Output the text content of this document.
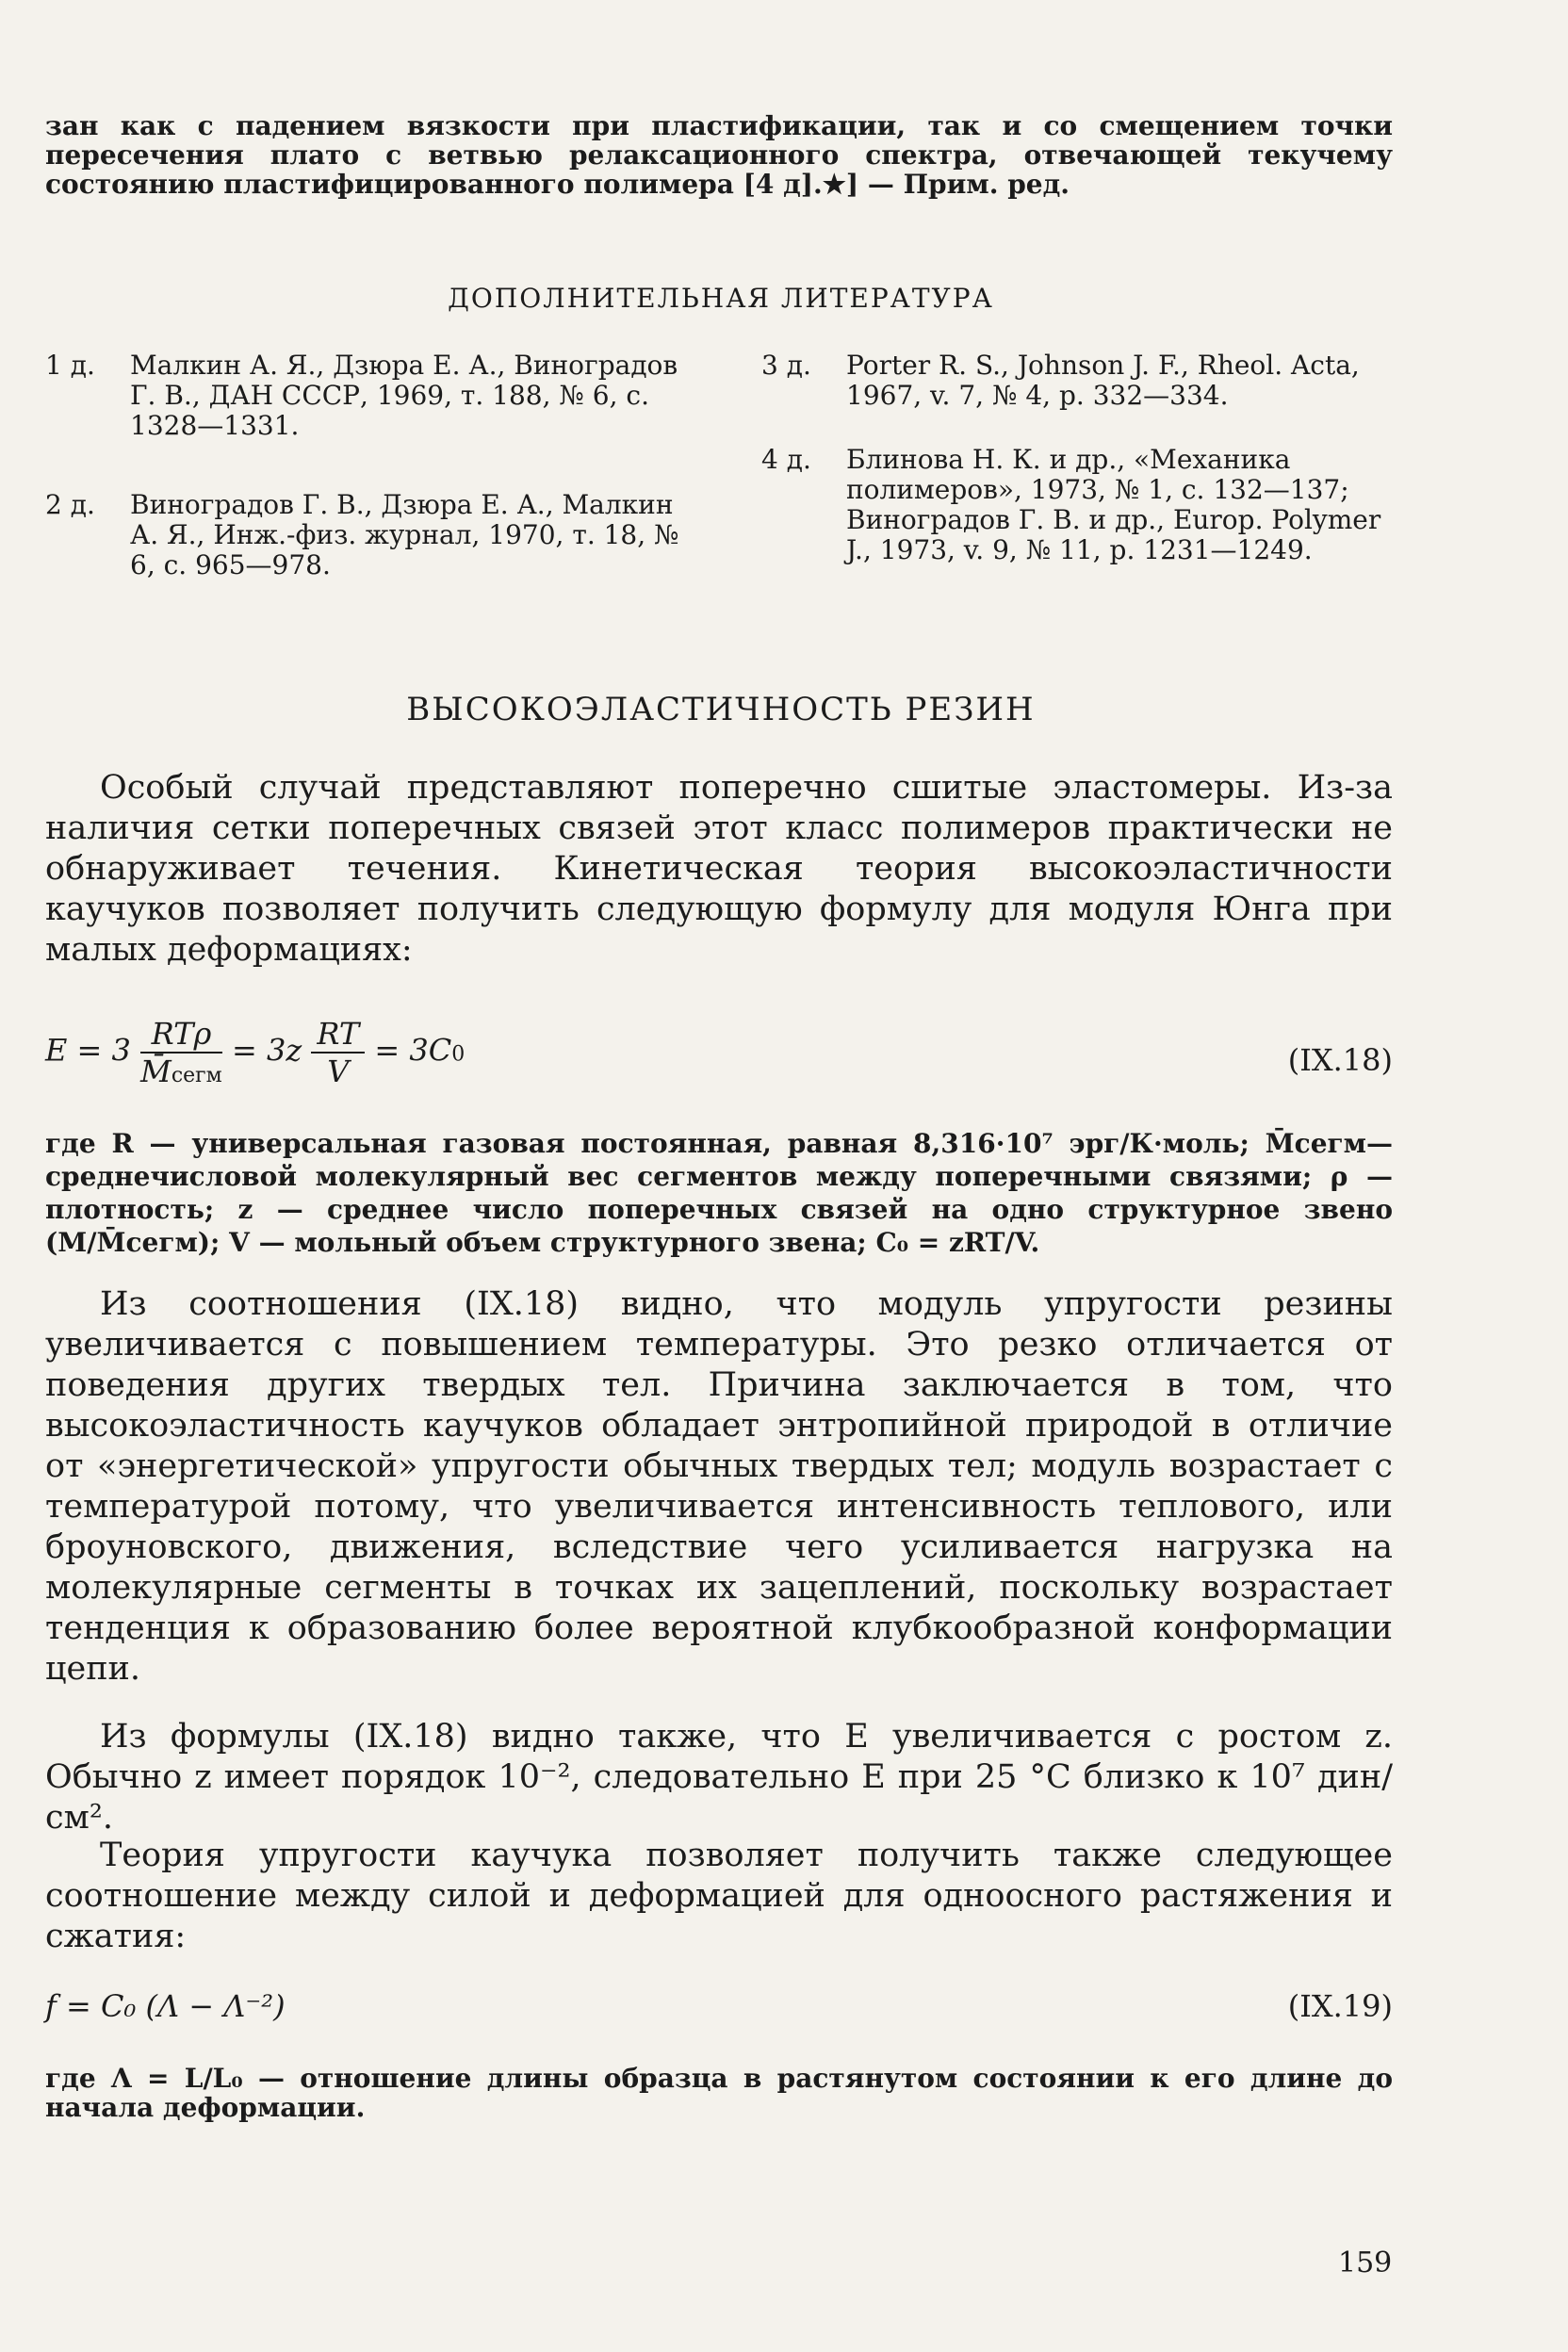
зан как с падением вязкости при пластификации, так и со смещением точки пересечения плато с ветвью релаксационного спектра, отвечающей текучему состоянию пластифицированного полимера [4 д].★] — Прим. ред.
ДОПОЛНИТЕЛЬНАЯ ЛИТЕРАТУРА
1 д.	Малкин А. Я., Дзюра Е. А., Виноградов Г. В., ДАН СССР, 1969, т. 188, № 6, с. 1328—1331.
2 д.	Виноградов Г. В., Дзюра Е. А., Малкин А. Я., Инж.-физ. журнал, 1970, т. 18, № 6, с. 965—978.
3 д.	Porter R. S., Johnson J. F., Rheol. Acta, 1967, v. 7, № 4, p. 332—334.
4 д.	Блинова Н. К. и др., «Механика полимеров», 1973, № 1, с. 132—137; Виноградов Г. В. и др., Europ. Polymer J., 1973, v. 9, № 11, p. 1231—1249.
ВЫСОКОЭЛАСТИЧНОСТЬ РЕЗИН
Особый случай представляют поперечно сшитые эластомеры. Из-за наличия сетки поперечных связей этот класс полимеров практически не обнаруживает течения. Кинетическая теория высокоэластичности каучуков позволяет получить следующую формулу для модуля Юнга при малых деформациях:
$E = 3 \frac{\text{RTρ}}{\text{M̄сегм}} = 3z \frac{RT}{V} = 3C0$	(IX.18)
где R — универсальная газовая постоянная, равная 8,316·10⁷ эрг/К·моль; M̄сегм— среднечисловой молекулярный вес сегментов между поперечными связями; ρ — плотность; z — среднее число поперечных связей на одно структурное звено (M/M̄сегм); V — мольный объем структурного звена; C₀ = zRT/V.
Из соотношения (IX.18) видно, что модуль упругости резины увеличивается с повышением температуры. Это резко отличается от поведения других твердых тел. Причина заключается в том, что высокоэластичность каучуков обладает энтропийной природой в отличие от «энергетической» упругости обычных твердых тел; модуль возрастает с температурой потому, что увеличивается интенсивность теплового, или броуновского, движения, вследствие чего усиливается нагрузка на молекулярные сегменты в точках их зацеплений, поскольку возрастает тенденция к образованию более вероятной клубкообразной конформации цепи.
Из формулы (IX.18) видно также, что E увеличивается с ростом z. Обычно z имеет порядок 10⁻², следовательно E при 25 °С близко к 10⁷ дин/см².
Теория упругости каучука позволяет получить также следующее соотношение между силой и деформацией для одноосного растяжения и сжатия:
f = C₀ (Λ − Λ⁻²)	(IX.19)
где Λ = L/L₀ — отношение длины образца в растянутом состоянии к его длине до начала деформации.
159
